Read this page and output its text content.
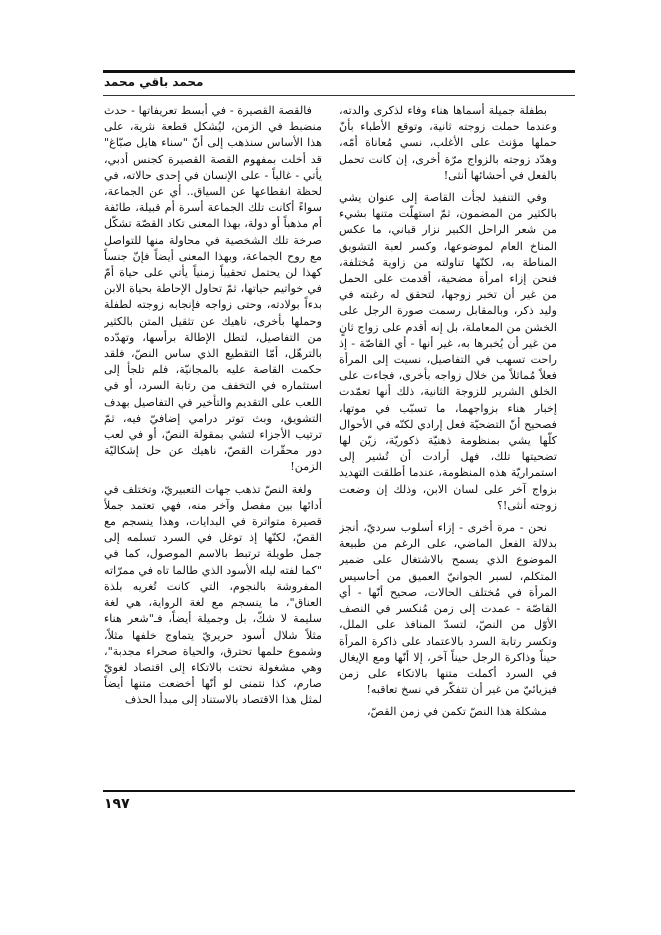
محمد باقي محمد

بطفلة جميلة أسماها هناء وفاء لذكرى والدته، وعندما حملت زوجته ثانية، وتوقع الأطباء بأنّ حملها مؤنث على الأغلب، نسي مُعاناة أمّه، وهدّد زوجته بالزواج مرّة أخرى، إن كانت تحمل بالفعل في أحشائها أنثى!

وفي التنفيذ لجأت القاصة إلى عنوان يشي بالكثير من المضمون، ثمّ استهلّت متنها بشيء من شعر الراحل الكبير نزار قباني، ما عكس المناخ العام لموضوعها، وكسر لعبة التشويق المناطة به، لكنّها تناولته من زاوية مُختلفة، فنحن إزاء امرأة مضحية، أقدمت على الحمل من غير أن تخبر زوجها، لتحقق له رغبته في وليد ذكر، وبالمقابل رسمت صورة الرجل على الخشن من المعاملة، بل إنه أقدم على زواج ثانٍ من غير أن يُخبرها به، غير أنها - أي القاصّة - إذ راحت تسهب في التفاصيل، نسيت إلى المرأة فعلاً مُماثلاً من خلال زواجه بأخرى، فجاءت على الخلق الشرير للزوجة الثانية، ذلك أنها تعمّدت إخبار هناء بزواجهما، ما تسبّب في موتها، فصحيح أنّ التضحيّة فعل إرادي لكنّه في الأحوال كلّها يشي بمنظومة ذهنيّة ذكوريّة، زيّن لها تضحيتها تلك، فهل أرادت أن تُشير إلى استمراريّة هذه المنظومة، عندما أطلقت التهديد بزواج آخر على لسان الابن، وذلك إن وضعت زوجته أنثى!؟

نحن - مرة أخرى - إزاء أسلوب سرديّ، أنجز بدلالة الفعل الماضي، على الرغم من طبيعة الموضوع الذي يسمح بالاشتغال على ضمير المتكلم، لسبر الجوانيّ العميق من أحاسيس المرأة في مُختلف الحالات، صحيح أنّها - أي القاصّة - عمدت إلى زمن مُنكسر في النصف الأوّل من النصّ، لتسدّ المنافذ على الملل، وتكسر رتابة السرد بالاعتماد على ذاكرة المرأة حيناً وذاكرة الرجل حيناً آخر، إلا أنّها ومع الإيغال في السرد أكملت متنها بالاتكاء على زمن فيزيائيّ من غير أن تتفكّر في نسخ تعاقبه!

مشكلة هذا النصّ تكمن في زمن القصّ،

فالقصة القصيرة - في أبسط تعريفاتها - حدث منضبط في الزمن، ليُشكل قطعة نثرية، على هذا الأساس سنذهب إلى أنّ "سناء هايل صبّاغ" قد أخلت بمفهوم القصة القصيرة كجنس أدبي، يأتي - غالباً - على الإنسان في إحدى حالاته، في لحظة انقطاعها عن السياق.. أي عن الجماعة، سواءً أكانت تلك الجماعة أسرة أم قبيلة، طائفة أم مذهباً أو دولة، بهذا المعنى تكاد القصّة تشكّل صرخة تلك الشخصية في محاولة منها للتواصل مع روح الجماعة، وبهذا المعنى أيضاً فإنّ جنساً كهذا لن يحتمل تحقيباً زمنياً يأتي على حياة أمّ في خواتيم حياتها، ثمّ تحاول الإحاطة بحياة الابن بدءاً بولادته، وحتى زواجه فإنجابه زوجته لطفلة وحملها بأخرى، ناهيك عن تثقيل المتن بالكثير من التفاصيل، لتطل الإطالة برأسها، وتهدّده بالترهّل، أمّا التقطيع الذي ساس النصّ، فلقد حكمت القاصة عليه بالمجانيّة، فلم تلجأ إلى استثماره في التخفف من رتابة السرد، أو في اللعب على التقديم والتأخير في التفاصيل بهدف التشويق، وبث توتر درامي إضافيّ فيه، ثمّ ترتيب الأجزاء لتشي بمقولة النصّ، أو في لعب دور محقّرات القصّ، ناهيك عن حل إشكاليّة الزمن!

ولغة النصّ تذهب جهات التعبيريّ، وتختلف في أدائها بين مفصل وآخر منه، فهي تعتمد جملاً قصيرة متواترة في البدايات، وهذا ينسجم مع القصّ، لكنّها إذ توغل في السرد تسلمه إلى جمل طويلة ترتبط بالاسم الموصول، كما في "كما لفته ليله الأسود الذي طالما تاه في ممرّاته المفروشة بالنجوم، التي كانت تُغريه بلذة العناق"، ما ينسجم مع لغة الرواية، هي لغة سليمة لا شكّ، بل وجميلة أيضاً، فـ"شعر هناء مثلاً شلال أسود حريريّ يتماوج خلفها مثلاً، وشموع حلمها تحترق، والحياة صحراء مجدبة"، وهي مشغولة نحتت بالاتكاء إلى اقتصاد لغويّ صارم، كذا نتمنى لو أنّها أخضعت متنها أيضاً لمثل هذا الاقتصاد بالاستناد إلى مبدأ الحذف

١٩٧
